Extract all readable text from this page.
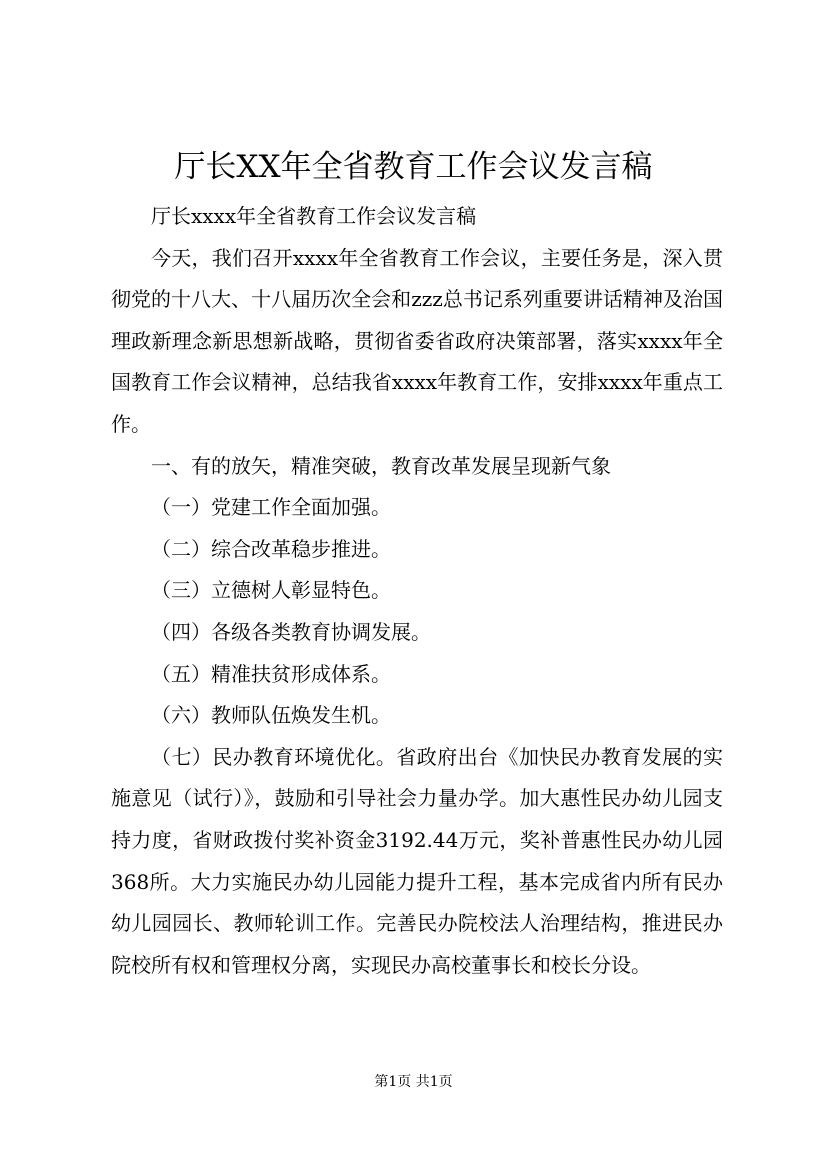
厅长XX年全省教育工作会议发言稿

厅长xxxx年全省教育工作会议发言稿

今天，我们召开xxxx年全省教育工作会议，主要任务是，深入贯彻党的十八大、十八届历次全会和zzz总书记系列重要讲话精神及治国理政新理念新思想新战略，贯彻省委省政府决策部署，落实xxxx年全国教育工作会议精神，总结我省xxxx年教育工作，安排xxxx年重点工作。

一、有的放矢，精准突破，教育改革发展呈现新气象

（一）党建工作全面加强。

（二）综合改革稳步推进。

（三）立德树人彰显特色。

（四）各级各类教育协调发展。

（五）精准扶贫形成体系。

（六）教师队伍焕发生机。

（七）民办教育环境优化。省政府出台《加快民办教育发展的实施意见（试行）》，鼓励和引导社会力量办学。加大惠性民办幼儿园支持力度，省财政拨付奖补资金3192.44万元，奖补普惠性民办幼儿园368所。大力实施民办幼儿园能力提升工程，基本完成省内所有民办幼儿园园长、教师轮训工作。完善民办院校法人治理结构，推进民办院校所有权和管理权分离，实现民办高校董事长和校长分设。

第1页 共1页
